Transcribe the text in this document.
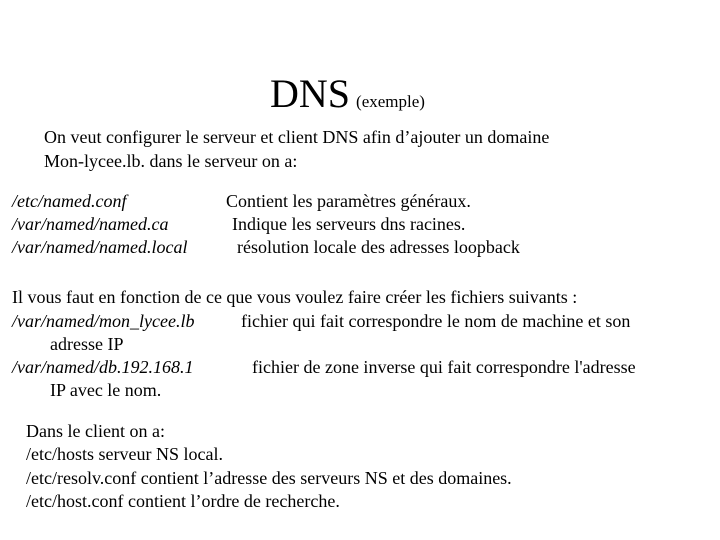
DNS (exemple)
On veut configurer le serveur et client DNS afin d’ajouter un domaine
Mon-lycee.lb. dans le serveur on a:
/etc/named.conf	Contient les paramètres généraux.
/var/named/named.ca	Indique les serveurs dns racines.
/var/named/named.local	résolution locale des adresses loopback
Il vous faut en fonction de ce que vous voulez faire créer les fichiers suivants :
/var/named/mon_lycee.lb	fichier qui fait correspondre le nom de machine et son
adresse IP
/var/named/db.192.168.1	fichier de zone inverse qui fait correspondre l'adresse
IP avec le nom.
Dans le client on a:
/etc/hosts serveur NS local.
/etc/resolv.conf contient l’adresse des serveurs NS et des domaines.
/etc/host.conf contient l’ordre de recherche.
